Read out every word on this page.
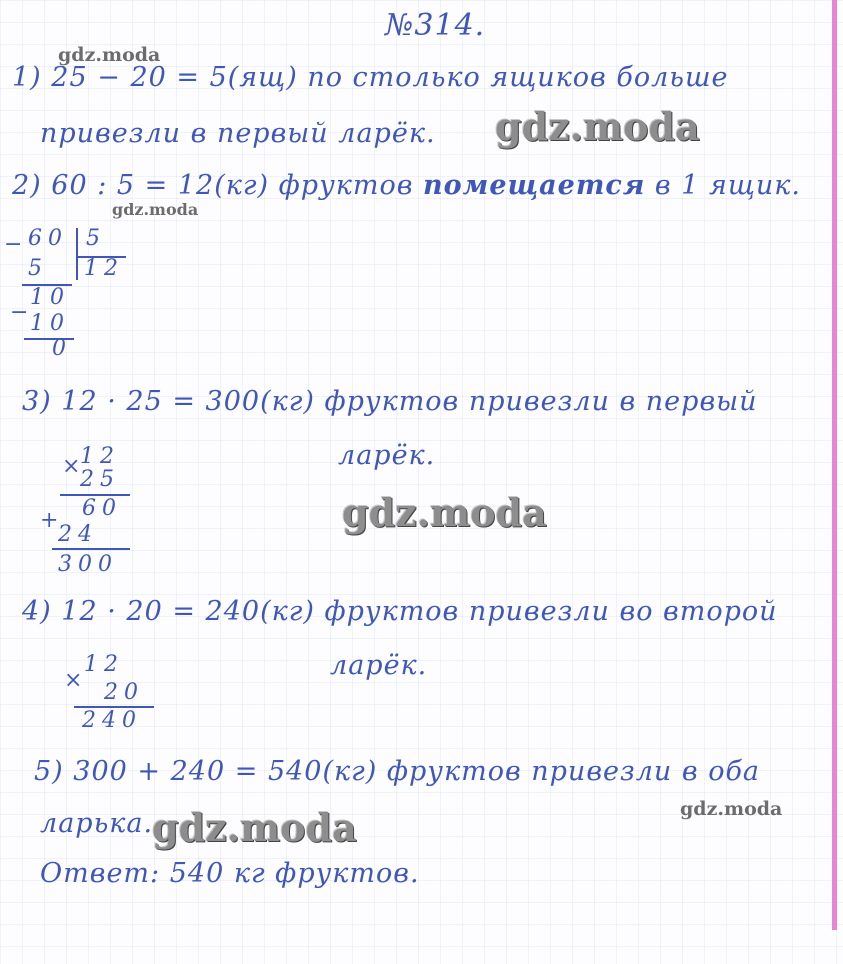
№314.
1) 25 − 20 = 5(ящ) по столько ящиков больше
привезли в первый ларёк.
2) 60 : 5 = 12(кг) фруктов помещается в 1 ящик.
− 60 5
12
5
10
−
10
0
3) 12 · 25 = 300(кг) фруктов привезли в первый
ларёк.
×
12
25
60
+
24
300
4) 12 · 20 = 240(кг) фруктов привезли во второй
ларёк.
×
12
20
240
5) 300 + 240 = 540(кг) фруктов привезли в оба
ларька.
Ответ: 540 кг фруктов.
gdz.moda
gdz.moda
gdz.moda
gdz.moda
gdz.moda
gdz.moda
